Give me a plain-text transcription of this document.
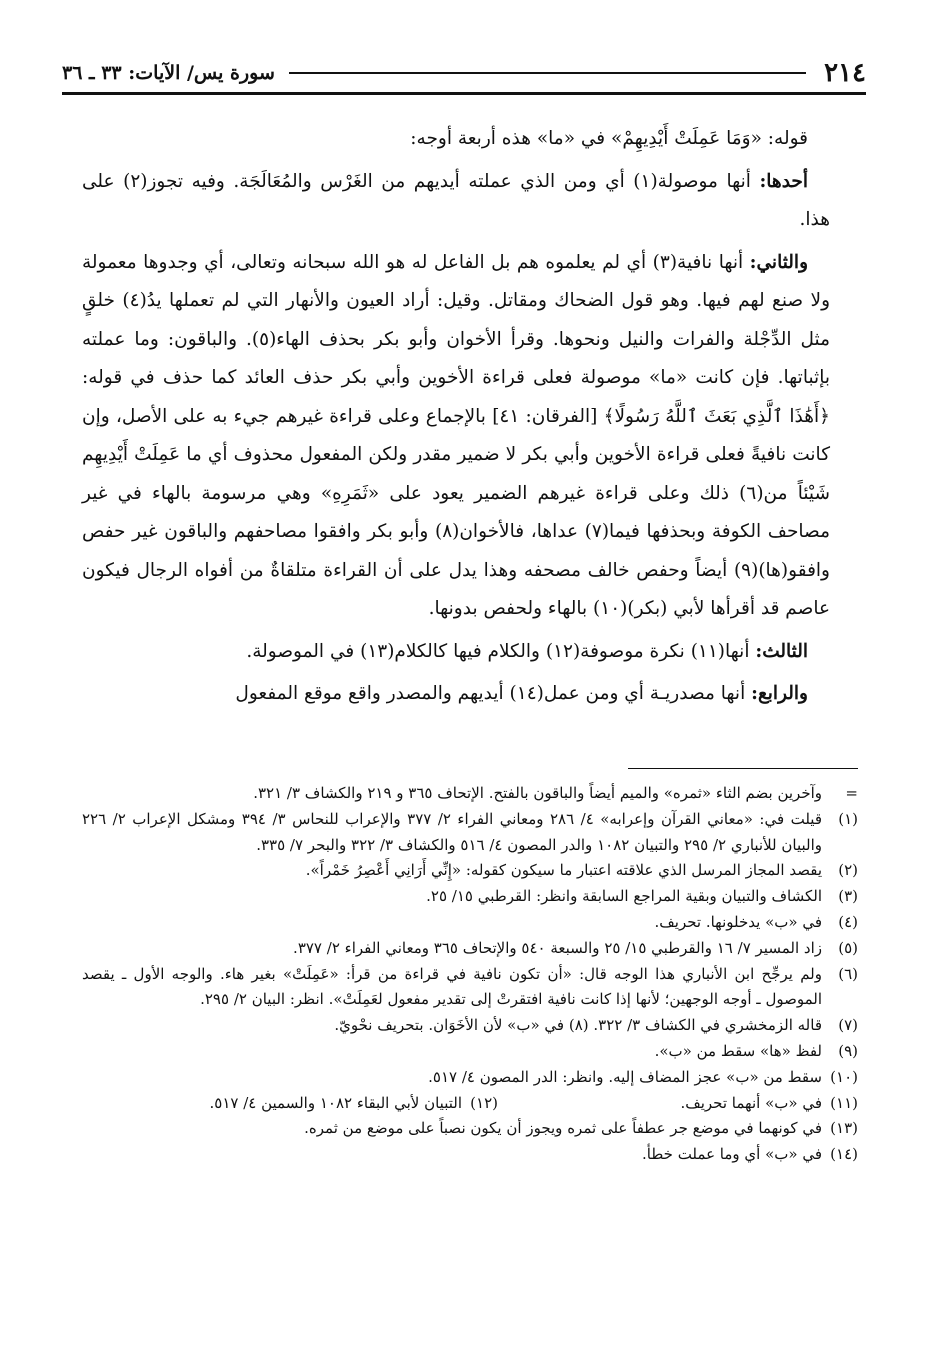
٢١٤
سورة يس/ الآيات: ٣٣ ـ ٣٦

قوله: «وَمَا عَمِلَتْ أَيْدِيهِمْ» في «ما» هذه أربعة أوجه:

أحدها: أنها موصولة(١) أي ومن الذي عملته أيديهم من الغَرْس والمُعَالَجَة. وفيه تجوز(٢) على هذا.

والثاني: أنها نافية(٣) أي لم يعلموه هم بل الفاعل له هو الله سبحانه وتعالى، أي وجدوها معمولة ولا صنع لهم فيها. وهو قول الضحاك ومقاتل. وقيل: أراد العيون والأنهار التي لم تعملها يدُ(٤) خلقٍ مثل الدِّجْلة والفرات والنيل ونحوها. وقرأ الأخوان وأبو بكر بحذف الهاء(٥). والباقون: وما عملته بإثباتها. فإن كانت «ما» موصولة فعلى قراءة الأخوين وأبي بكر حذف العائد كما حذف في قوله: ﴿أَهَٰذَا ٱلَّذِي بَعَثَ ٱللَّهُ رَسُولًا﴾ [الفرقان: ٤١] بالإجماع وعلى قراءة غيرهم جيء به على الأصل، وإن كانت نافيةً فعلى قراءة الأخوين وأبي بكر لا ضمير مقدر ولكن المفعول محذوف أي ما عَمِلَتْ أَيْدِيهِم شَيْئاً من(٦) ذلك وعلى قراءة غيرهم الضمير يعود على «ثَمَرِهِ» وهي مرسومة بالهاء في غير مصاحف الكوفة وبحذفها فيما(٧) عداها، فالأخوان(٨) وأبو بكر وافقوا مصاحفهم والباقون غير حفص وافقو(ها)(٩) أيضاً وحفص خالف مصحفه وهذا يدل على أن القراءة متلقاةٌ من أفواه الرجال فيكون عاصم قد أقرأها لأبي (بكر)(١٠) بالهاء ولحفص بدونها.

الثالث: أنها(١١) نكرة موصوفة(١٢) والكلام فيها كالكلام(١٣) في الموصولة.

والرابع: أنها مصدريـة أي ومن عمل(١٤) أيديهم والمصدر واقع موقع المفعول

=
وآخرين بضم الثاء «ثمره» والميم أيضاً والباقون بالفتح. الإتحاف ٣٦٥ و ٢١٩ والكشاف ٣/ ٣٢١.
(١)
قيلت في: «معاني القرآن وإعرابه» ٤/ ٢٨٦ ومعاني الفراء ٢/ ٣٧٧ والإعراب للنحاس ٣/ ٣٩٤ ومشكل الإعراب ٢/ ٢٢٦ والبيان للأنباري ٢/ ٢٩٥ والتبيان ١٠٨٢ والدر المصون ٤/ ٥١٦ والكشاف ٣/ ٣٢٢ والبحر ٧/ ٣٣٥.
(٢)
يقصد المجاز المرسل الذي علاقته اعتبار ما سيكون كقوله: «إِنِّي أَرَانِي أَعْصِرُ خَمْراً».
(٣)
الكشاف والتبيان وبقية المراجع السابقة وانظر: القرطبي ١٥/ ٢٥.
(٤)
في «ب» يدخلونها. تحريف.
(٥)
زاد المسير ٧/ ١٦ والقرطبي ١٥/ ٢٥ والسبعة ٥٤٠ والإتحاف ٣٦٥ ومعاني الفراء ٢/ ٣٧٧.
(٦)
ولم يرجِّح ابن الأنباري هذا الوجه قال: «أن تكون نافية في قراءة من قرأ: «عَمِلَتْ» بغير هاء. والوجه الأول ـ يقصد الموصول ـ أوجه الوجهين؛ لأنها إذا كانت نافية افتقرتْ إلى تقدير مفعول لعَمِلَتْ». انظر: البيان ٢/ ٢٩٥.
(٧)
قاله الزمخشري في الكشاف ٣/ ٣٢٢. (٨) في «ب» لأن الأخَوَان. بتحريف نحْويّ.
(٩)
لفظ «ها» سقط من «ب».
(١٠)
سقط من «ب» عجز المضاف إليه. وانظر: الدر المصون ٤/ ٥١٧.
(١١)
في «ب» أنهما تحريف.
(١٢)
التبيان لأبي البقاء ١٠٨٢ والسمين ٤/ ٥١٧.
(١٣)
في كونهما في موضع جر عطفاً على ثمره ويجوز أن يكون نصباً على موضع من ثمره.
(١٤)
في «ب» أي وما عملت خطأ.
